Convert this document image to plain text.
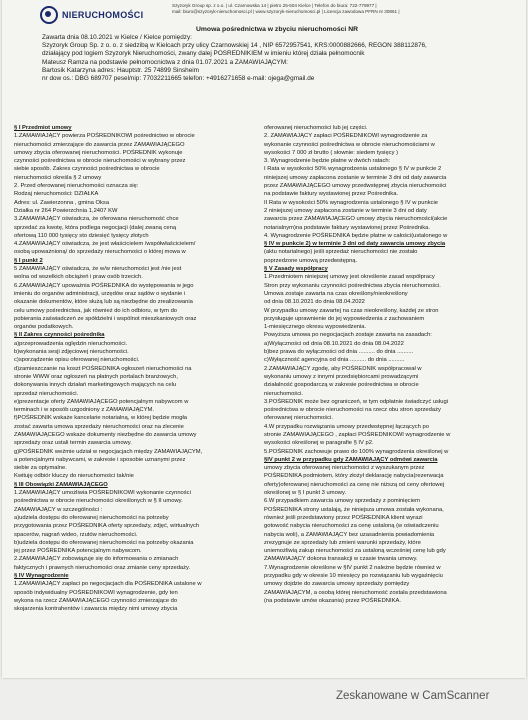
NIERUCHOMOŚCI
Szyzoryk Group sp. z o.o. | ul. Czarnowska 14 | pietro 25-504 Kielce | Telefon do biura: 722-779977 |
mail: biuro@szyzoryk-nieruchomosci.pl | www.szyzoryk-nieruchomosci.pl | Licencja zawodowa PFRN nr 30861 |
Umowa pośrednictwa w zbyciu nieruchomości NR

Zawarta dnia 08.10.2021 w Kielce / Kielce pomiędzy:

Szyzoryk Group Sp. z o. o. z siedzibą w Kielcach przy ulicy Czarnowskiej 14 , NIP 6572957541, KRS:0000882666, REGON 388112876,

działający pod logiem Szyzoryk Nieruchomości, zwany dalej POŚREDNIKIEM w imieniu której działa pełnomocnik

Mateusz Ramza na podstawie pełnomocnictwa z dnia 01.07.2021 a ZAMAWIAJĄCYM:

Bartosik Katarzyna adres: Hauptstr. 25 74899 Sinsheim

nr dow os.: DBG 689707 pesel/nip: 77032211665 telefon: +4916271658 e-mail: ojega@gmail.de

§ I Przedmiot umowy

1.ZAMAWIAJĄCY powierza POŚREDNIKOWI pośrednictwo w obrocie

nieruchomości zmierzające do zawarcia przez ZAMAWIAJĄCEGO

umowy zbycia oferowanej nieruchomości. POŚREDNIK wykonuje

czynności pośrednictwa w obrocie nieruchomości w wybrany przez

siebie sposób. Zakres czynności pośrednictwa w obrocie

nieruchomości określa § 2 umowy

2. Przed oferowanej nieruchomości oznacza się:

Rodzaj nieruchomości: DZIAŁKA

Adres: ul. Zawierzonna , gmina Oksa

Działka nr 264 Powierzchnia 1,2407 KW

3.ZAMAWIAJĄCY oświadcza, że oferowana nieruchomość chce

sprzedać za kwotę, która podlega negocjacji (dalej zwaną ceną

ofertową 110 000 tysięcy sto dziesięć tysięcy złotych

4.ZAMAWIAJĄCY oświadcza, że jest właścicielem /współwłaścicielem/

osobą upoważnioną/ do sprzedaży nieruchomości o której mowa w

§ I punkt 2

5 ZAMAWIAJĄCY oświadcza, że w/w nieruchomości jest /nie jest

wolna od wszelkich obciążeń i praw osób trzecich.

6.ZAMAWIAJĄCY upoważnia POŚREDNIKA do występowania w jego

imieniu do organów administracji, urzędów oraz sądów o wydanie i

okazanie dokumentów, które służą lub są niezbędne do zrealizowania

celu umowy pośrednictwa, jak również do ich odbioru, w tym do

pobierania zaświadczeń ze spółdzielni i wspólnot mieszkaniowych oraz

organów podatkowych.

§ II Zakres czynności pośrednika

a)przeprowadzenia oględzin nieruchomości.

b)wykonania sesji zdjęciowej nieruchomości.

c)sporządzenie opisu oferowanej nieruchomości.

d)zamieszczanie na koszt POŚREDNIKA ogłoszeń nieruchomości na

stronie WWW oraz ogłoszeń na płatnych portalach branżowych,

dokonywania innych działań marketingowych mających na celu

sprzedaż nieruchomości.

e)prezentacje oferty ZAMAWIAJĄCEGO potencjalnym nabywcom w

terminach i w sposób uzgodniony z ZAMAWIAJĄCYM.

f)POŚREDNIK wskaże kancelarie notarialną, w której będzie mogła

zostać zawarta umowa sprzedaży nieruchomości oraz na zlecenie

ZAMAWIAJĄCEGO wskaże dokumenty niezbędne do zawarcia umowy

sprzedaży oraz ustali termin zawarcia umowy.

g)POŚREDNIK weźmie udział w negocjacjach między ZAMAWIAJĄCYM,

a potencjalnymi nabywcami, w zakresie i sposobie uznanymi przez

siebie za optymalne.

Kwituję odbiór kluczy do nieruchomości tak/nie

§ III Obowiązki ZAMAWIAJĄCEGO

1.ZAMAWIAJĄCY umożliwia POŚREDNIKOWI wykonanie czynności

pośrednictwa w obrocie nieruchomości określonych w § II umowy.

ZAMAWIAJĄCY w szczególności :

a)udziela dostępu do oferowanej nieruchomości na potrzeby

przygotowania przez POŚREDNIKA oferty sprzedaży, zdjęć, wirtualnych

spacerów, nagrań wideo, rzutów nieruchomości.

b)udziela dostępu do oferowanej nieruchomości na potrzeby okazania

jej przez POŚREDNIKA potencjalnym nabywcom.

2.ZAMAWIAJĄCY zobowiązuje się do informowania o zmianach

faktycznych i prawnych nieruchomości oraz zmianie ceny sprzedaży.

§ IV Wynagrodzenie

1.ZAMAWIAJĄCY zapłaci po negocjacjach dla POŚREDNIKA ustalone w

sposób indywidualny POŚREDNIKOWI wynagrodzenie, gdy ten

wykona na rzecz ZAMAWIAJĄCEGO czynności zmierzające do

skojarzenia kontrahentów i zawarcia między nimi umowy zbycia

oferowanej nieruchomości lub jej części.

2. ZAMAWIAJĄCY zapłaci POŚREDNIKOWI wynagrodzenie za

wykonanie czynności pośrednictwa w obrocie nieruchomościami w

wysokości 7 000 zł brutto ( słownie: siedem tysięcy )

3. Wynagrodzenie będzie płatne w dwóch ratach:

I Rata w wysokości 50% wynagrodzenia ustalonego § IV w punkcie 2

niniejszej umowy zapłacona zostanie w terminie 3 dni od daty zawarcia

przez ZAMAWIAJĄCEGO umowy przedwstępnej zbycia nieruchomości

na podstawie faktury wystawionej przez Pośrednika.

II Rata w wysokości 50% wynagrodzenia ustalonego § IV w punkcie

2 niniejszej umowy zapłacona zostanie w terminie 3 dni od daty

zawarcia przez ZAMAWIAJĄCEGO umowy zbycia nieruchomości(akcie

notarialnym)na podstawie faktury wystawionej przez Pośrednika.

4. Wynagrodzenie POŚREDNIKA będzie płatne w całości(ustalonego w

§ IV w punkcie 2) w terminie 3 dni od daty zawarcia umowy zbycia

(aktu notarialnego) jeśli sprzedaż nieruchomości nie zostało

poprzedzone umową przedwstępną.

§ V Zasady współpracy

1.Przedmiotem niniejszej umowy jest określenie zasad współpracy

Stron przy wykonaniu czynności pośrednictwa zbycia nieruchomości.

Umowa zostaje zawarta na czas określony/nieokreślony

od dnia 08.10.2021 do dnia 08.04.2022

W przypadku umowy zawartej na czas nieokreślony, każdej ze stron

przysługuje uprawnienie do jej wypowiedzenia z zachowaniem

1-miesięcznego okresu wypowiedzenia.

Powyższa umowa po negocjacjach zostaje zawarta na zasadach:

a)Wyłączności od dnia 08.10.2021 do dnia 08.04.2022

b)bez prawa do wyłączności od dnia .......... do dnia ..........

c)Wyłączność agencyjna od dnia .......... do dnia ..........

2.ZAMAWIAJĄCY zgodę, aby POŚREDNIK współpracował w

wykonaniu umowy z innymi przedsiębiorcami prowadzącymi

działalność gospodarczą w zakresie pośrednictwa w obrocie

nieruchomości.

3.POŚREDNIK może bez ograniczeń, w tym odpłatnie świadczyć usługi

pośrednictwa w obrocie nieruchomości na rzecz obu stron sprzedaży

oferowanej nieruchomości.

4.W przypadku rozwiązania umowy przedwstępnej łączących po

stronie ZAMAWIAJĄCEGO , zapłaci POŚREDNIKOWI wynagrodzenie w

wysokości określonej w paragrafie § IV p2.

5.POŚREDNIK zachowuje prawo do 100% wynagrodzenia określonej w

§IV punkt 2 w przypadku gdy ZAMAWIAJĄCY odmówi zawarcia

umowy zbycia oferowanej nieruchomości z wyszukanym przez

POŚREDNIKA podmiotem, który złożył deklarację nabycia(rezerwacja

oferty)oferowanej nieruchomości za cenę nie niższą od ceny ofertowej

określonej w § I punkt 3 umowy.

6.W przypadkiem zawarcia umowy sprzedaży z pominięciem

POŚREDNIKA strony ustalają, że niniejsza umowa została wykonana,

również jeśli przedstawiony przez POŚREDNIKA klient wyrazi

gotowość nabycia nieruchomości za cenę ustaloną (w oświadczeniu

nabycia woli), a ZAMAWIAJĄCY bez uzasadnienia powiadomienia

zrezygnuje ze sprzedaży lub zmieni warunki sprzedaży, które

uniemożliwią zakup nieruchomości za ustaloną wcześniej cenę lub gdy

ZAMAWIAJĄCY dokona transakcji w czasie trwania umowy.

7.Wynagrodzenie określone w §IV punkt 2 należne będzie również w

przypadku gdy w okresie 10 miesięcy po rozwiązaniu lub wygaśnięciu

umowy dojdzie do zawarcia umowy sprzedaży pomiędzy

ZAMAWIAJĄCYM, a osobą której nieruchomość została przedstawiona

(na podstawie umów okazania) przez POŚREDNIKA.

Zeskanowane w CamScanner
